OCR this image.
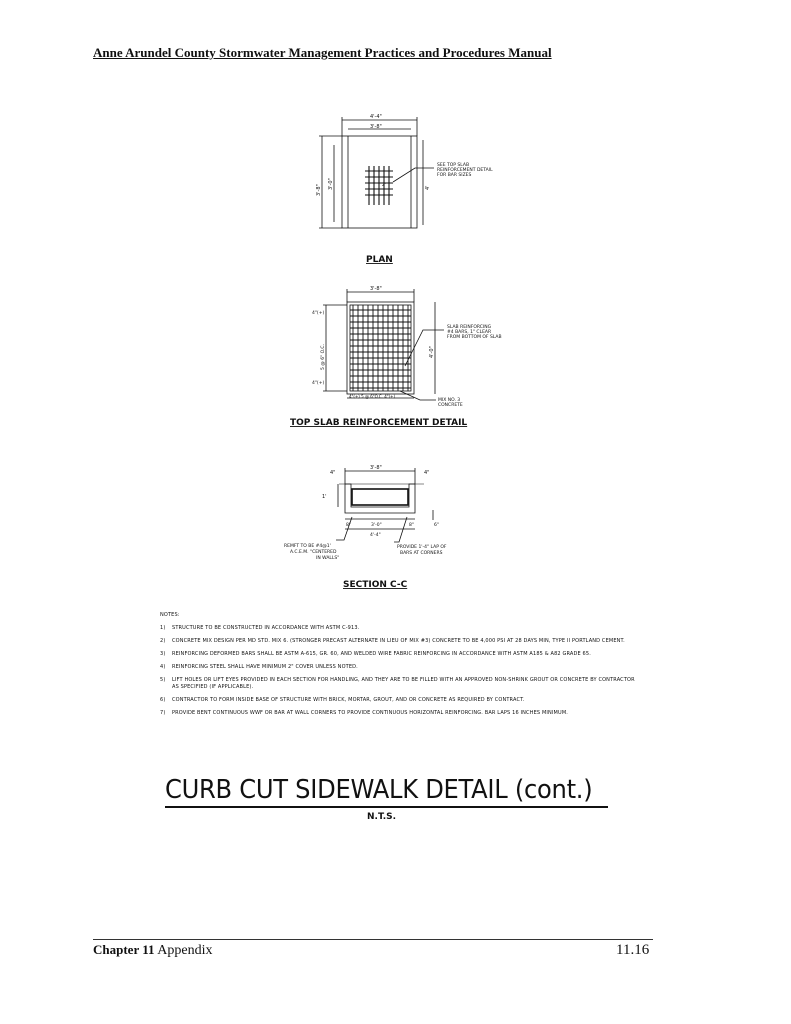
Anne Arundel County Stormwater Management Practices and Procedures Manual
4'-4"
3'-8"
3'-8"
3'-0"	4'
2"
SEE TOP SLAB
REINFORCEMENT DETAIL
FOR BAR SIZES
PLAN
3'-8"
4"(+)
5 @ 6" O.C.
4"(+)
4'-0"
4"(+) 5 @ 6"O.C. 4"(+)
SLAB REINFORCING
#4 BARS, 1" CLEAR
FROM BOTTOM OF SLAB
MIX NO. 3
CONCRETE
TOP SLAB REINFORCEMENT DETAIL
3'-8"
4"	4"
1'
8"	3'-0"	8"
4'-4"
6"
REMFT TO BE #4@1'
A.C.E.M. "CENTERED
IN WALLS"
PROVIDE 1'-4" LAP OF
BARS AT CORNERS
SECTION C-C
NOTES:
1)	STRUCTURE TO BE CONSTRUCTED IN ACCORDANCE WITH ASTM C-913.
2)	CONCRETE MIX DESIGN PER MD STD. MIX 6. (STRONGER PRECAST ALTERNATE IN LIEU OF MIX #3) CONCRETE TO BE 4,000 PSI AT 28 DAYS MIN, TYPE II PORTLAND CEMENT.
3)	REINFORCING DEFORMED BARS SHALL BE ASTM A-615, GR. 60, AND WELDED WIRE FABRIC REINFORCING IN ACCORDANCE WITH ASTM A185 & A82 GRADE 65.
4)	REINFORCING STEEL SHALL HAVE MINIMUM 2" COVER UNLESS NOTED.
5)	LIFT HOLES OR LIFT EYES PROVIDED IN EACH SECTION FOR HANDLING, AND THEY ARE TO BE FILLED WITH AN APPROVED NON-SHRINK GROUT OR CONCRETE BY CONTRACTOR AS SPECIFIED (IF APPLICABLE).
6)	CONTRACTOR TO FORM INSIDE BASE OF STRUCTURE WITH BRICK, MORTAR, GROUT, AND OR CONCRETE AS REQUIRED BY CONTRACT.
7)	PROVIDE BENT CONTINUOUS WWF OR BAR AT WALL CORNERS TO PROVIDE CONTINUOUS HORIZONTAL REINFORCING. BAR LAPS 16 INCHES MINIMUM.
CURB CUT SIDEWALK DETAIL (cont.)
N.T.S.
Chapter 11 Appendix	11.16
